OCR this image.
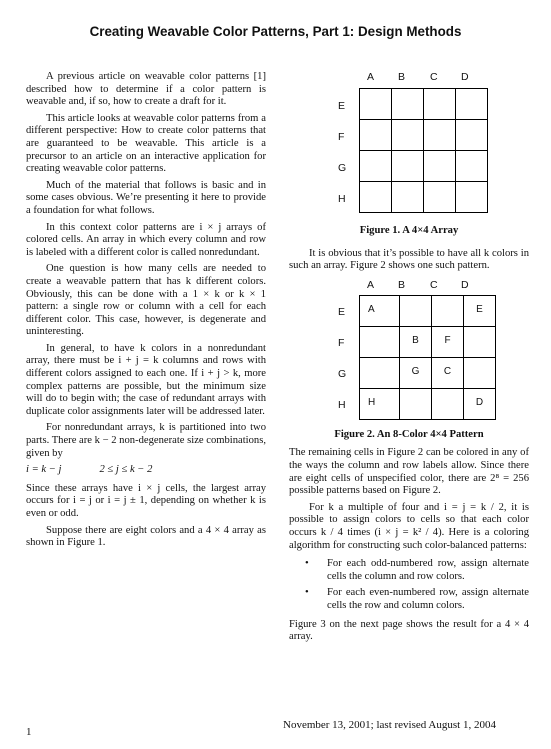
Creating Weavable Color Patterns, Part 1: Design Methods

A previous article on weavable color patterns [1] described how to determine if a color pattern is weavable and, if so, how to create a draft for it.

This article looks at weavable color patterns from a different perspective: How to create color patterns that are guaranteed to be weavable. This article is a precursor to an article on an interactive application for creating weavable color patterns.

Much of the material that follows is basic and in some cases obvious. We’re presenting it here to provide a foundation for what follows.

In this context color patterns are i × j arrays of colored cells. An array in which every column and row is labeled with a different color is called nonredundant.

One question is how many cells are needed to create a weavable pattern that has k different colors. Obviously, this can be done with a 1 × k or k × 1 pattern: a single row or column with a cell for each different color. This case, however, is degenerate and uninteresting.

In general, to have k colors in a nonredundant array, there must be i + j = k columns and rows with different colors assigned to each one. If i + j > k, more complex patterns are possible, but the minimum size will do to begin with; the case of redundant arrays with duplicate color assignments later will be addressed later.

For nonredundant arrays, k is partitioned into two parts. There are k − 2 non-degenerate size combinations, given by

i = k − j	2 ≤ j ≤ k − 2

Since these arrays have i × j cells, the largest array occurs for i = j or i = j ± 1, depending on whether k is even or odd.

Suppose there are eight colors and a 4 × 4 array as shown in Figure 1.

A B C D
E
F
G
H

Figure 1. A 4×4 Array

It is obvious that it’s possible to have all k colors in such an array. Figure 2 shows one such pattern.

A B C D
E
F
G
H
A			E
	B	F	
	G	C	
H			D
Figure 2. An 8-Color 4×4 Pattern

The remaining cells in Figure 2 can be colored in any of the ways the column and row labels allow. Since there are eight cells of unspecified color, there are 2⁸ = 256 possible patterns based on Figure 2.

For k a multiple of four and i = j = k / 2, it is possible to assign colors to cells so that each color occurs k / 4 times (i × j = k² / 4). Here is a coloring algorithm for constructing such color-balanced patterns:

• For each odd-numbered row, assign alternate cells the column and row colors.
• For each even-numbered row, assign alternate cells the row and column colors.

Figure 3 on the next page shows the result for a 4 × 4 array.

1
November 13, 2001; last revised August 1, 2004
